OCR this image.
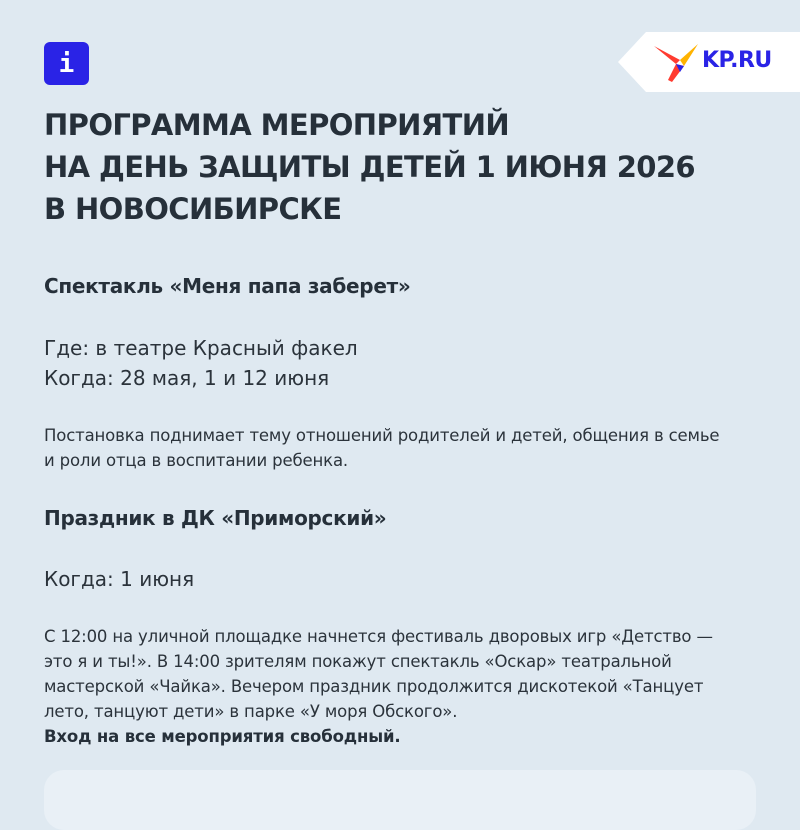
i	KP.RU
ПРОГРАММА МЕРОПРИЯТИЙ
НА ДЕНЬ ЗАЩИТЫ ДЕТЕЙ 1 ИЮНЯ 2026
В НОВОСИБИРСКЕ
Спектакль «Меня папа заберет»
Где: в театре Красный факел
Когда: 28 мая, 1 и 12 июня
Постановка поднимает тему отношений родителей и детей, общения в семье
и роли отца в воспитании ребенка.
Праздник в ДК «Приморский»
Когда: 1 июня
С 12:00 на уличной площадке начнется фестиваль дворовых игр «Детство —
это я и ты!». В 14:00 зрителям покажут спектакль «Оскар» театральной
мастерской «Чайка». Вечером праздник продолжится дискотекой «Танцует
лето, танцуют дети» в парке «У моря Обского».
Вход на все мероприятия свободный.
